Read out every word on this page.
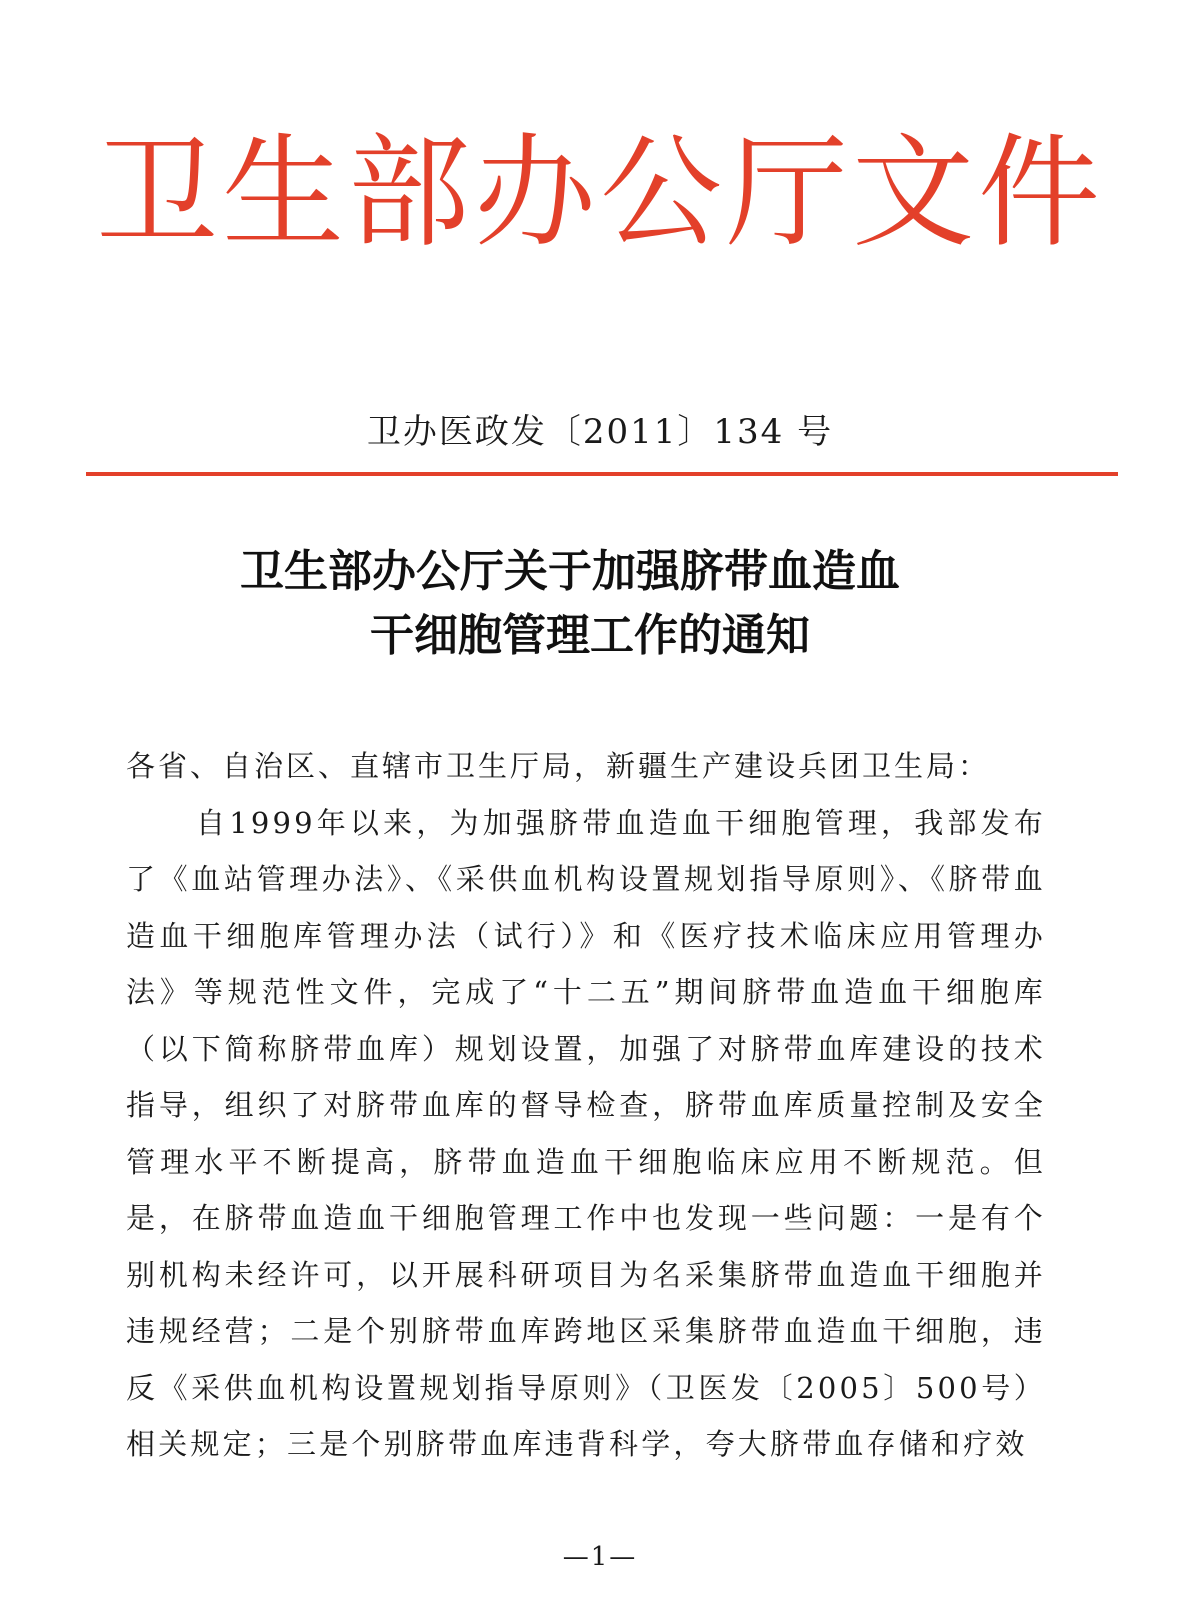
卫生部办公厅文件
卫办医政发〔2011〕134 号
卫生部办公厅关于加强脐带血造血
干细胞管理工作的通知

各省、自治区、直辖市卫生厅局，新疆生产建设兵团卫生局：

自1999年以来，为加强脐带血造血干细胞管理，我部发布了《血站管理办法》、《采供血机构设置规划指导原则》、《脐带血造血干细胞库管理办法（试行）》和《医疗技术临床应用管理办法》等规范性文件，完成了“十二五”期间脐带血造血干细胞库（以下简称脐带血库）规划设置，加强了对脐带血库建设的技术指导，组织了对脐带血库的督导检查，脐带血库质量控制及安全管理水平不断提高，脐带血造血干细胞临床应用不断规范。但是，在脐带血造血干细胞管理工作中也发现一些问题：一是有个别机构未经许可，以开展科研项目为名采集脐带血造血干细胞并违规经营；二是个别脐带血库跨地区采集脐带血造血干细胞，违反《采供血机构设置规划指导原则》（卫医发〔2005〕500号）相关规定；三是个别脐带血库违背科学，夸大脐带血存储和疗效

—1—
